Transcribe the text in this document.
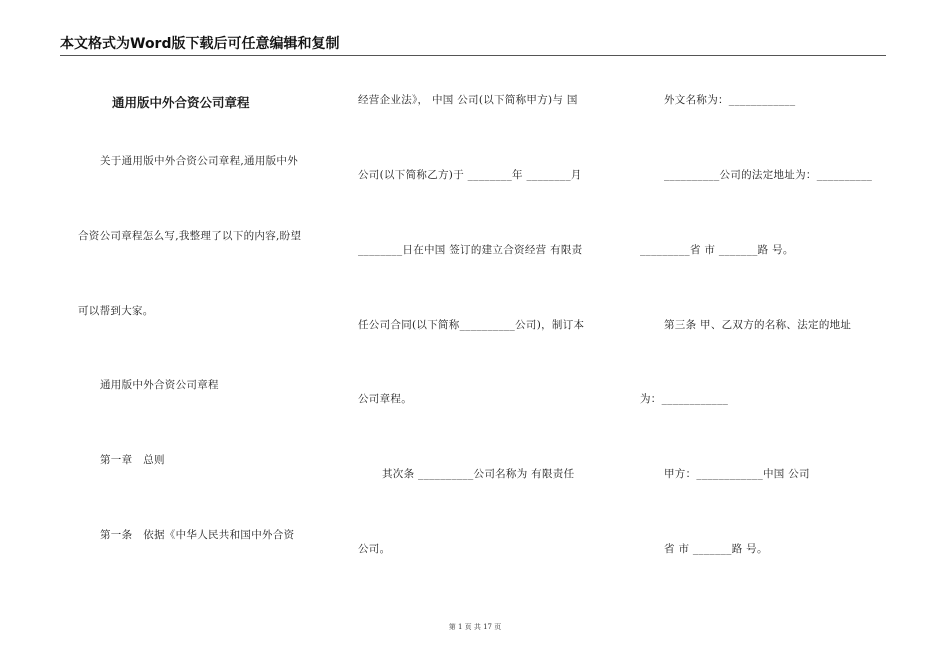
本文格式为Word版下载后可任意编辑和复制
通用版中外合资公司章程
关于通用版中外合资公司章程,通用版中外
合资公司章程怎么写,我整理了以下的内容,盼望
可以帮到大家。
通用版中外合资公司章程
第一章　总则
第一条　依据《中华人民共和国中外合资
经营企业法》， 中国 公司(以下简称甲方)与 国
公司(以下简称乙方)于 ________年 ________月
________日在中国 签订的建立合资经营 有限责
任公司合同(以下简称__________公司)，制订本
公司章程。
其次条 __________公司名称为 有限责任
公司。
外文名称为：____________
__________公司的法定地址为：__________
_________省 市 _______路 号。
第三条 甲、乙双方的名称、法定的地址
为：____________
甲方：____________中国 公司
省 市 _______路 号。
第 1 页 共 17 页
